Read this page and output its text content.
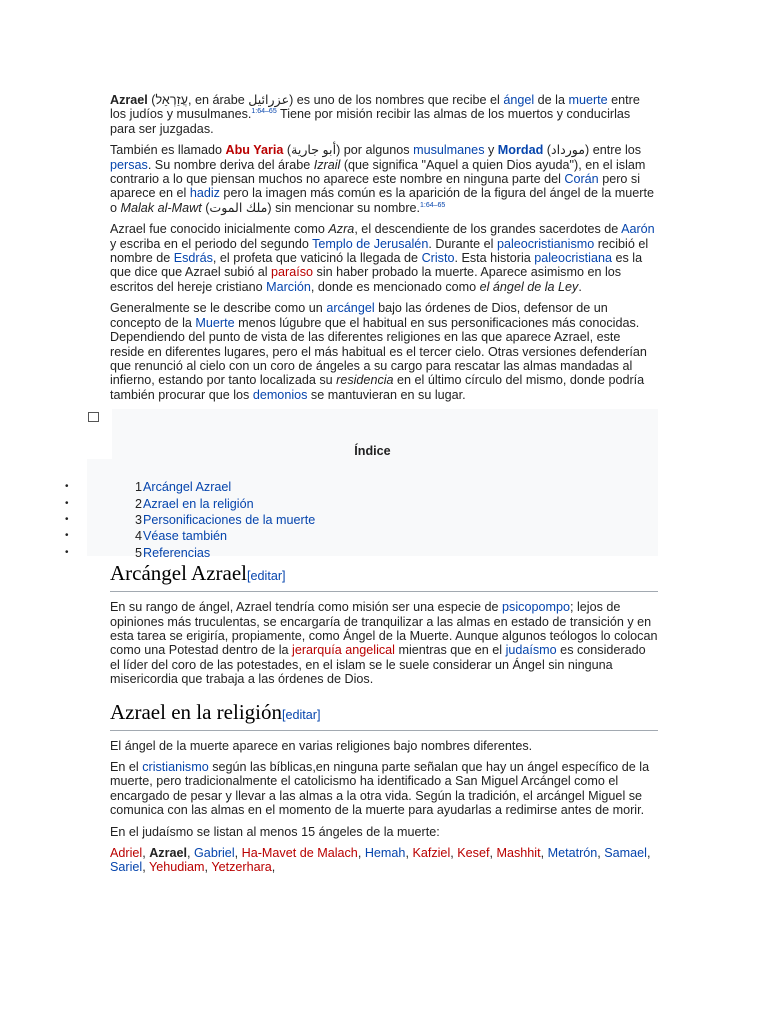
Azrael (עֲזַרְאֵל, en árabe عزرائيل) es uno de los nombres que recibe el ángel de la muerte entre los judíos y musulmanes.$^{1:64-65}$ Tiene por misión recibir las almas de los muertos y conducirlas para ser juzgadas.

También es llamado Abu Yaria (أبو جارية) por algunos musulmanes y Mordad (مورداد) entre los persas. Su nombre deriva del árabe Izrail (que significa "Aquel a quien Dios ayuda"), en el islam contrario a lo que piensan muchos no aparece este nombre en ninguna parte del Corán pero si aparece en el hadiz pero la imagen más común es la aparición de la figura del ángel de la muerte o Malak al-Mawt (ملك الموت) sin mencionar su nombre.$^{1:64-65}$

Azrael fue conocido inicialmente como Azra, el descendiente de los grandes sacerdotes de Aarón y escriba en el periodo del segundo Templo de Jerusalén. Durante el paleocristianismo recibió el nombre de Esdrás, el profeta que vaticinó la llegada de Cristo. Esta historia paleocristiana es la que dice que Azrael subió al paraíso sin haber probado la muerte. Aparece asimismo en los escritos del hereje cristiano Marción, donde es mencionado como el ángel de la Ley.

Generalmente se le describe como un arcángel bajo las órdenes de Dios, defensor de un concepto de la Muerte menos lúgubre que el habitual en sus personificaciones más conocidas. Dependiendo del punto de vista de las diferentes religiones en las que aparece Azrael, este reside en diferentes lugares, pero el más habitual es el tercer cielo. Otras versiones defenderían que renunció al cielo con un coro de ángeles a su cargo para rescatar las almas mandadas al infierno, estando por tanto localizada su residencia en el último círculo del mismo, donde podría también procurar que los demonios se mantuvieran en su lugar.

Índice
•	1 Arcángel Azrael
•	2 Azrael en la religión
•	3 Personificaciones de la muerte
•	4 Véase también
•	5 Referencias
Arcángel Azrael[editar]

En su rango de ángel, Azrael tendría como misión ser una especie de psicopompo; lejos de opiniones más truculentas, se encargaría de tranquilizar a las almas en estado de transición y en esta tarea se erigiría, propiamente, como Ángel de la Muerte. Aunque algunos teólogos lo colocan como una Potestad dentro de la jerarquía angelical mientras que en el judaísmo es considerado el líder del coro de las potestades, en el islam se le suele considerar un Ángel sin ninguna misericordia que trabaja a las órdenes de Dios.

Azrael en la religión[editar]

El ángel de la muerte aparece en varias religiones bajo nombres diferentes.

En el cristianismo según las bíblicas,en ninguna parte señalan que hay un ángel específico de la muerte, pero tradicionalmente el catolicismo ha identificado a San Miguel Arcángel como el encargado de pesar y llevar a las almas a la otra vida. Según la tradición, el arcángel Miguel se comunica con las almas en el momento de la muerte para ayudarlas a redimirse antes de morir.

En el judaísmo se listan al menos 15 ángeles de la muerte:

Adriel, Azrael, Gabriel, Ha-Mavet de Malach, Hemah, Kafziel, Kesef, Mashhit, Metatrón, Samael, Sariel, Yehudiam, Yetzerhara,
